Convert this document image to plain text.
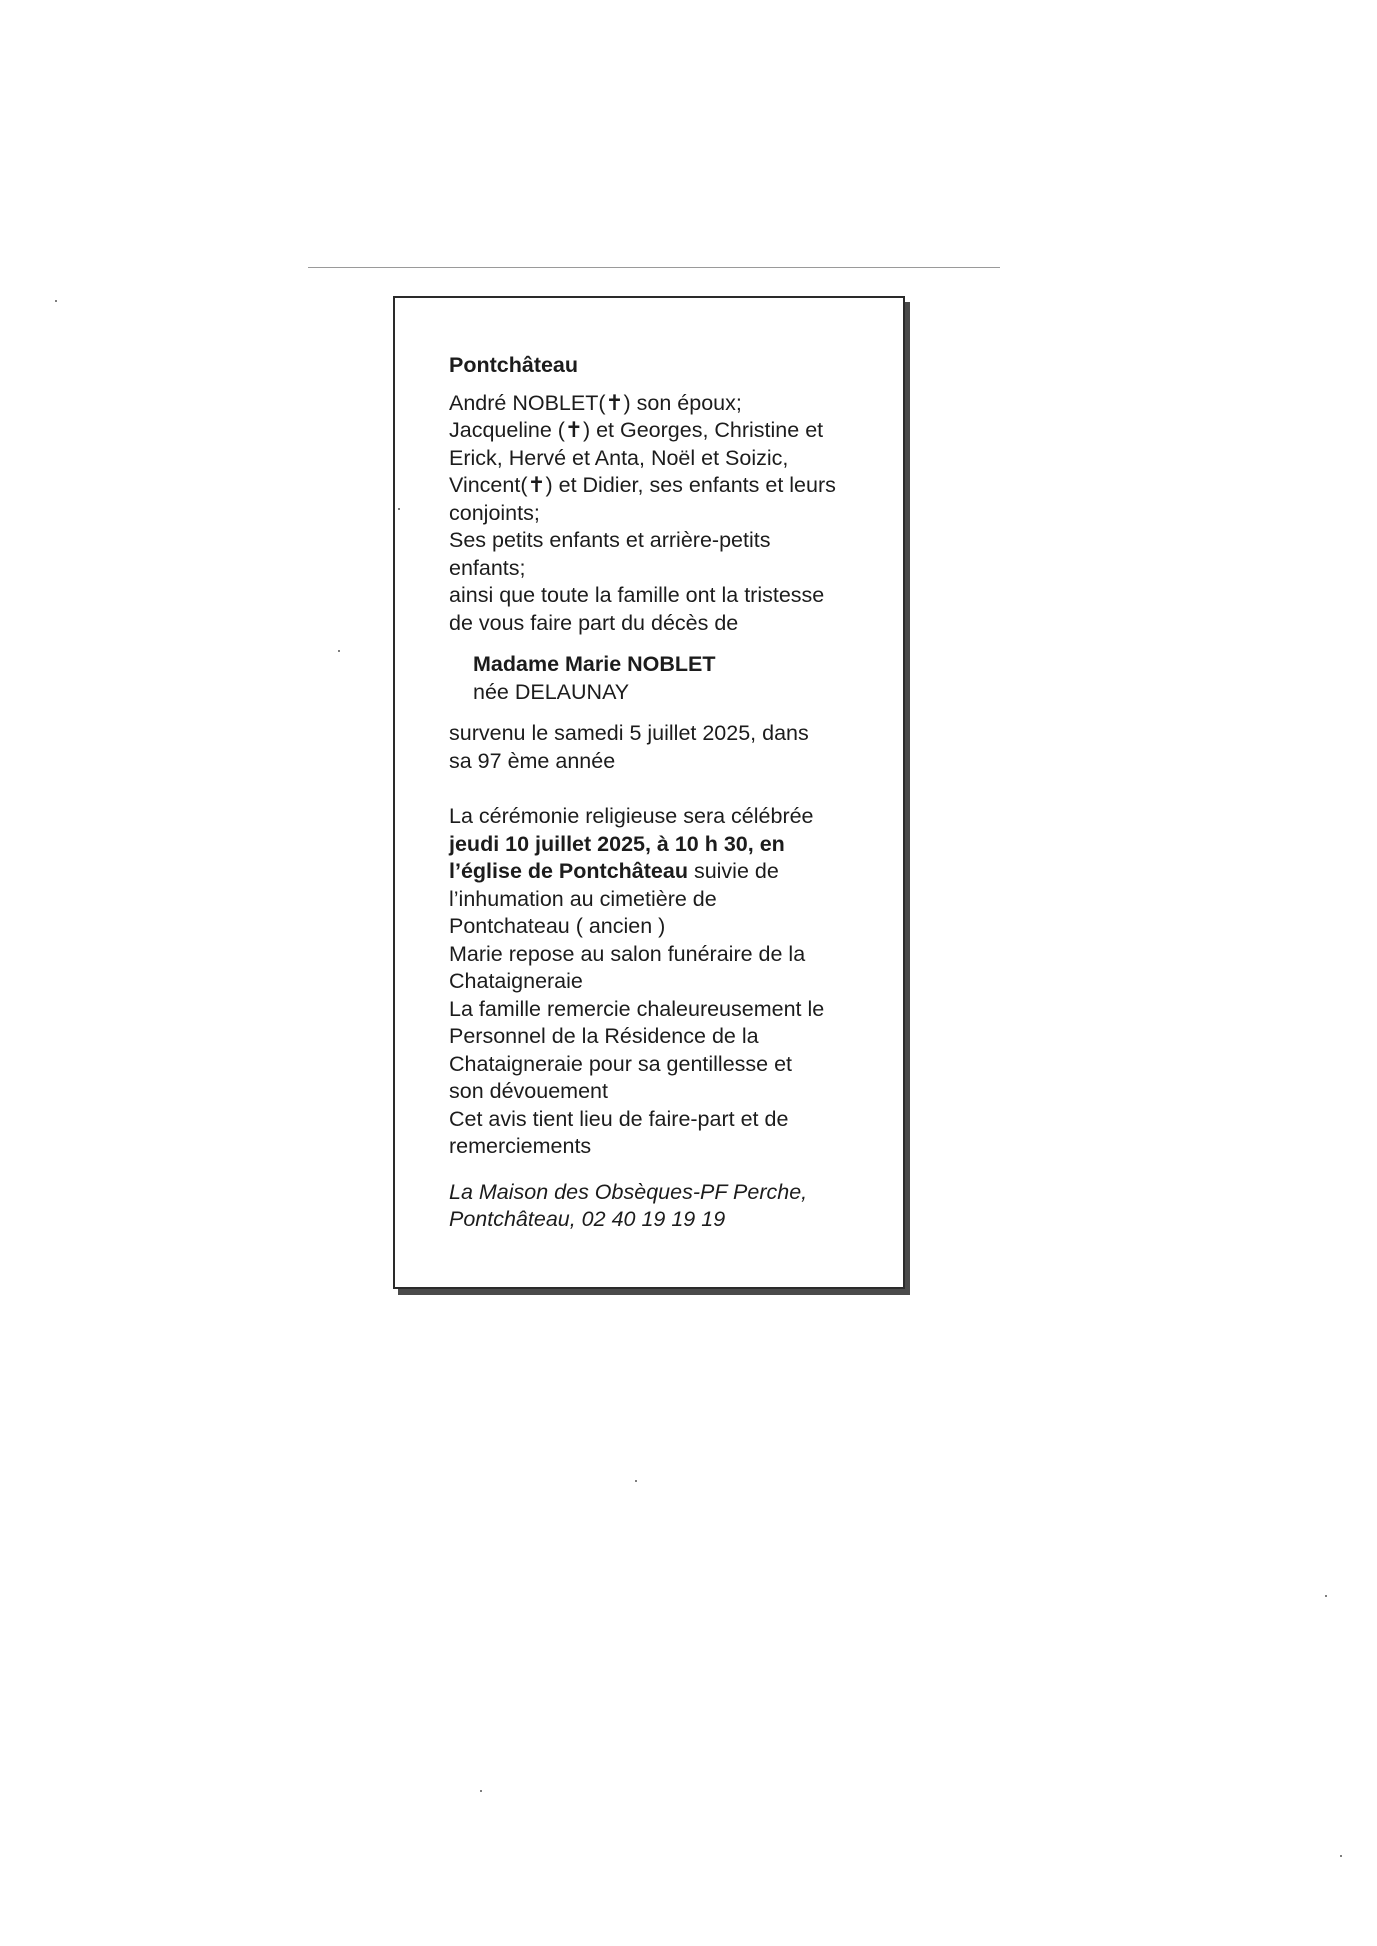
Pontchâteau

André NOBLET(✝) son époux;
Jacqueline (✝) et Georges, Christine et
Erick, Hervé et Anta, Noël et Soizic,
Vincent(✝) et Didier, ses enfants et leurs
conjoints;
Ses petits enfants et arrière-petits
enfants;
ainsi que toute la famille ont la tristesse
de vous faire part du décès de

Madame Marie NOBLET
née DELAUNAY

survenu le samedi 5 juillet 2025, dans
sa 97 ème année

La cérémonie religieuse sera célébrée
jeudi 10 juillet 2025, à 10 h 30, en
l’église de Pontchâteau suivie de
l’inhumation au cimetière de
Pontchateau ( ancien )
Marie repose au salon funéraire de la
Chataigneraie
La famille remercie chaleureusement le
Personnel de la Résidence de la
Chataigneraie pour sa gentillesse et
son dévouement
Cet avis tient lieu de faire-part et de
remerciements

La Maison des Obsèques-PF Perche,
Pontchâteau, 02 40 19 19 19
